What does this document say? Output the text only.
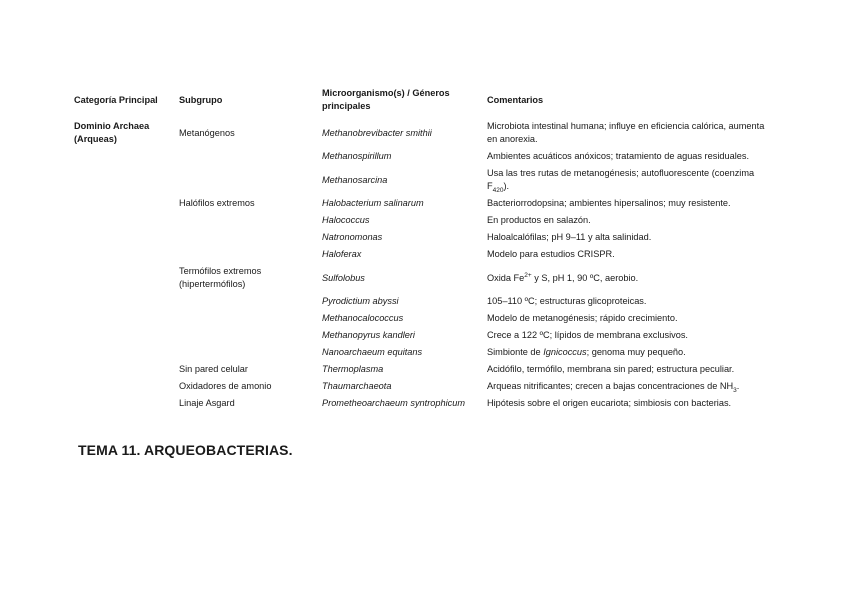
Categoría Principal	Subgrupo	Microorganismo(s) / Géneros principales	Comentarios
Dominio Archaea (Arqueas)	Metanógenos	Methanobrevibacter smithii	Microbiota intestinal humana; influye en eficiencia calórica, aumenta en anorexia.
		Methanospirillum	Ambientes acuáticos anóxicos; tratamiento de aguas residuales.
		Methanosarcina	Usa las tres rutas de metanogénesis; autofluorescente (coenzima $F_{420}$).
	Halófilos extremos	Halobacterium salinarum	Bacteriorrodopsina; ambientes hipersalinos; muy resistente.
		Halococcus	En productos en salazón.
		Natronomonas	Haloalcalófilas; pH 9–11 y alta salinidad.
		Haloferax	Modelo para estudios CRISPR.
	Termófilos extremos (hipertermófilos)	Sulfolobus	Oxida $Fe^{2+}$ y S, pH 1, 90 ºC, aerobio.
		Pyrodictium abyssi	105–110 ºC; estructuras glicoproteicas.
		Methanocalococcus	Modelo de metanogénesis; rápido crecimiento.
		Methanopyrus kandleri	Crece a 122 ºC; lípidos de membrana exclusivos.
		Nanoarchaeum equitans	Simbionte de Ignicoccus; genoma muy pequeño.
	Sin pared celular	Thermoplasma	Acidófilo, termófilo, membrana sin pared; estructura peculiar.
	Oxidadores de amonio	Thaumarchaeota	Arqueas nitrificantes; crecen a bajas concentraciones de $NH_3$.
	Linaje Asgard	Prometheoarchaeum syntrophicum	Hipótesis sobre el origen eucariota; simbiosis con bacterias.
TEMA 11. ARQUEOBACTERIAS.
